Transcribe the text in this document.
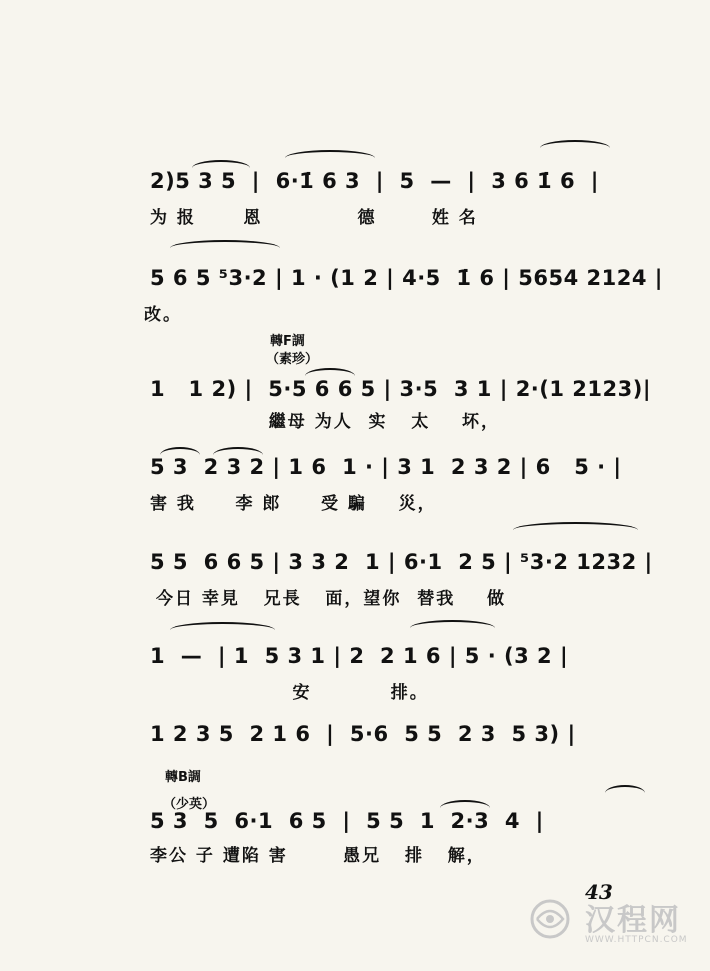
2)5 3 5  |  6·1̇ 6 3  |  5  —  |  3 6 1̇ 6  |
为 报      恩            德       姓 名
5 6 5 ⁵3·2 | 1 · (1 2 | 4·5  1̇ 6 | 5654 2124 |
改。
轉F調
（素珍）
1   1 2) |  5·5 6 6 5 | 3·5  3 1 | 2·(1 2123)|
繼母 为人  实   太    坏，
5 3  2 3 2 | 1 6  1 · | 3 1  2 3 2 | 6   5 · |
害 我     李 郎     受 騙    災，
5 5  6 6 5 | 3 3 2  1 | 6·1  2 5 | ⁵3·2 1232 |
今日 幸見   兄長   面，望你  替我    做
1  —  | 1  5 3 1 | 2  2 1 6 | 5 · (3 2 |
安          排。
1 2 3 5  2 1 6  |  5·6  5 5  2 3  5 3) |
轉B調
（少英）
5 3  5  6·1  6 5  |  5 5  1  2·3  4  |
李公 子 遭陷 害       愚兄   排   解，
43
汉程网
WWW.HTTPCN.COM
